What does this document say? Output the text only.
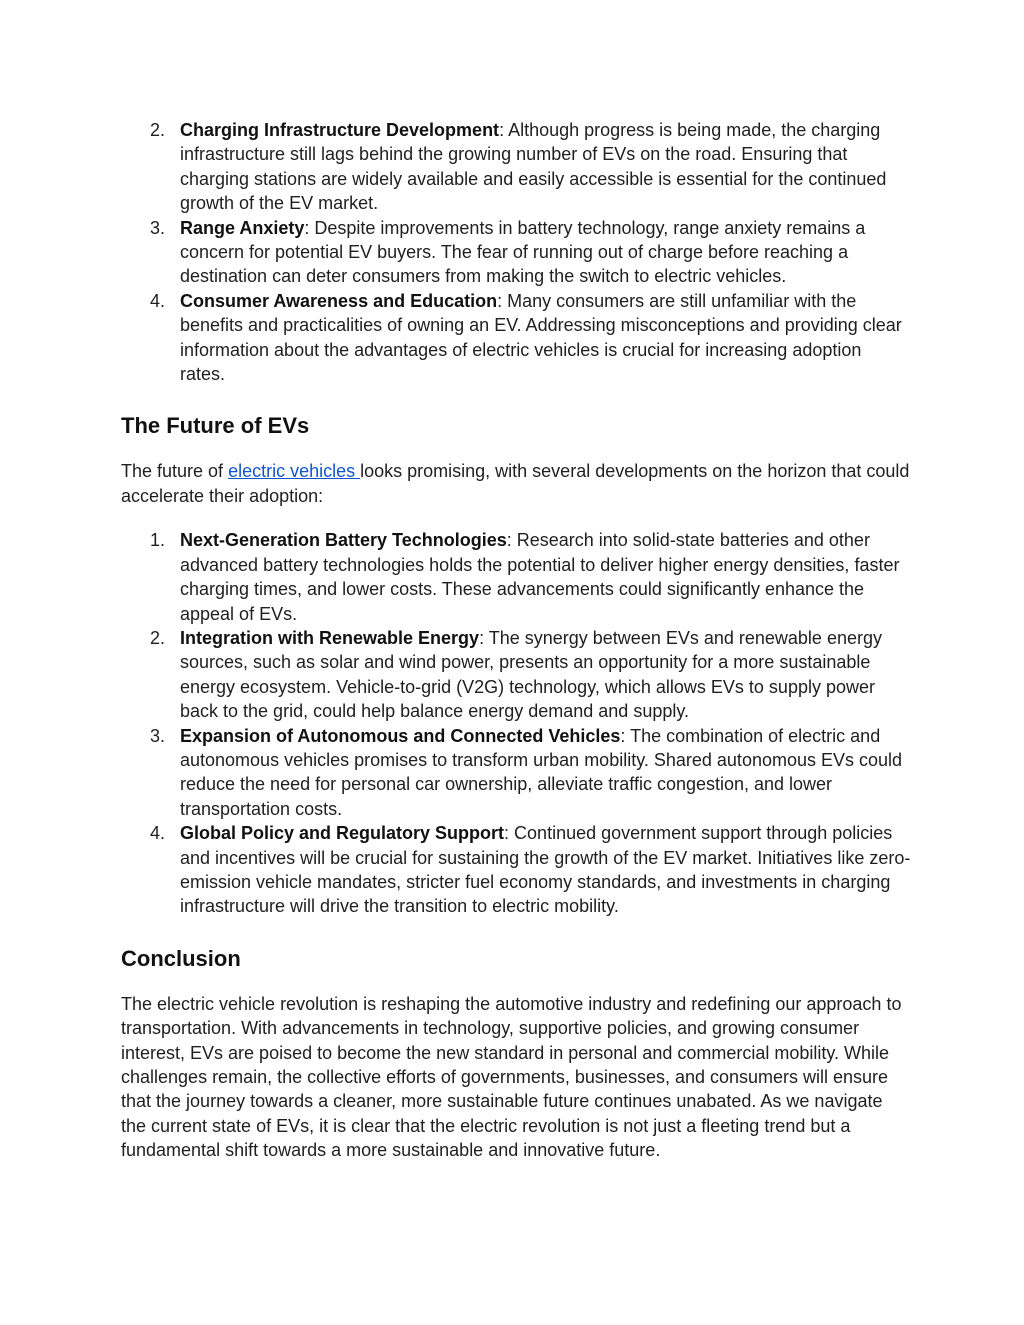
2. Charging Infrastructure Development: Although progress is being made, the charging infrastructure still lags behind the growing number of EVs on the road. Ensuring that charging stations are widely available and easily accessible is essential for the continued growth of the EV market.
3. Range Anxiety: Despite improvements in battery technology, range anxiety remains a concern for potential EV buyers. The fear of running out of charge before reaching a destination can deter consumers from making the switch to electric vehicles.
4. Consumer Awareness and Education: Many consumers are still unfamiliar with the benefits and practicalities of owning an EV. Addressing misconceptions and providing clear information about the advantages of electric vehicles is crucial for increasing adoption rates.
The Future of EVs

The future of electric vehicles looks promising, with several developments on the horizon that could accelerate their adoption:

1. Next-Generation Battery Technologies: Research into solid-state batteries and other advanced battery technologies holds the potential to deliver higher energy densities, faster charging times, and lower costs. These advancements could significantly enhance the appeal of EVs.
2. Integration with Renewable Energy: The synergy between EVs and renewable energy sources, such as solar and wind power, presents an opportunity for a more sustainable energy ecosystem. Vehicle-to-grid (V2G) technology, which allows EVs to supply power back to the grid, could help balance energy demand and supply.
3. Expansion of Autonomous and Connected Vehicles: The combination of electric and autonomous vehicles promises to transform urban mobility. Shared autonomous EVs could reduce the need for personal car ownership, alleviate traffic congestion, and lower transportation costs.
4. Global Policy and Regulatory Support: Continued government support through policies and incentives will be crucial for sustaining the growth of the EV market. Initiatives like zero-emission vehicle mandates, stricter fuel economy standards, and investments in charging infrastructure will drive the transition to electric mobility.
Conclusion

The electric vehicle revolution is reshaping the automotive industry and redefining our approach to transportation. With advancements in technology, supportive policies, and growing consumer interest, EVs are poised to become the new standard in personal and commercial mobility. While challenges remain, the collective efforts of governments, businesses, and consumers will ensure that the journey towards a cleaner, more sustainable future continues unabated. As we navigate the current state of EVs, it is clear that the electric revolution is not just a fleeting trend but a fundamental shift towards a more sustainable and innovative future.
